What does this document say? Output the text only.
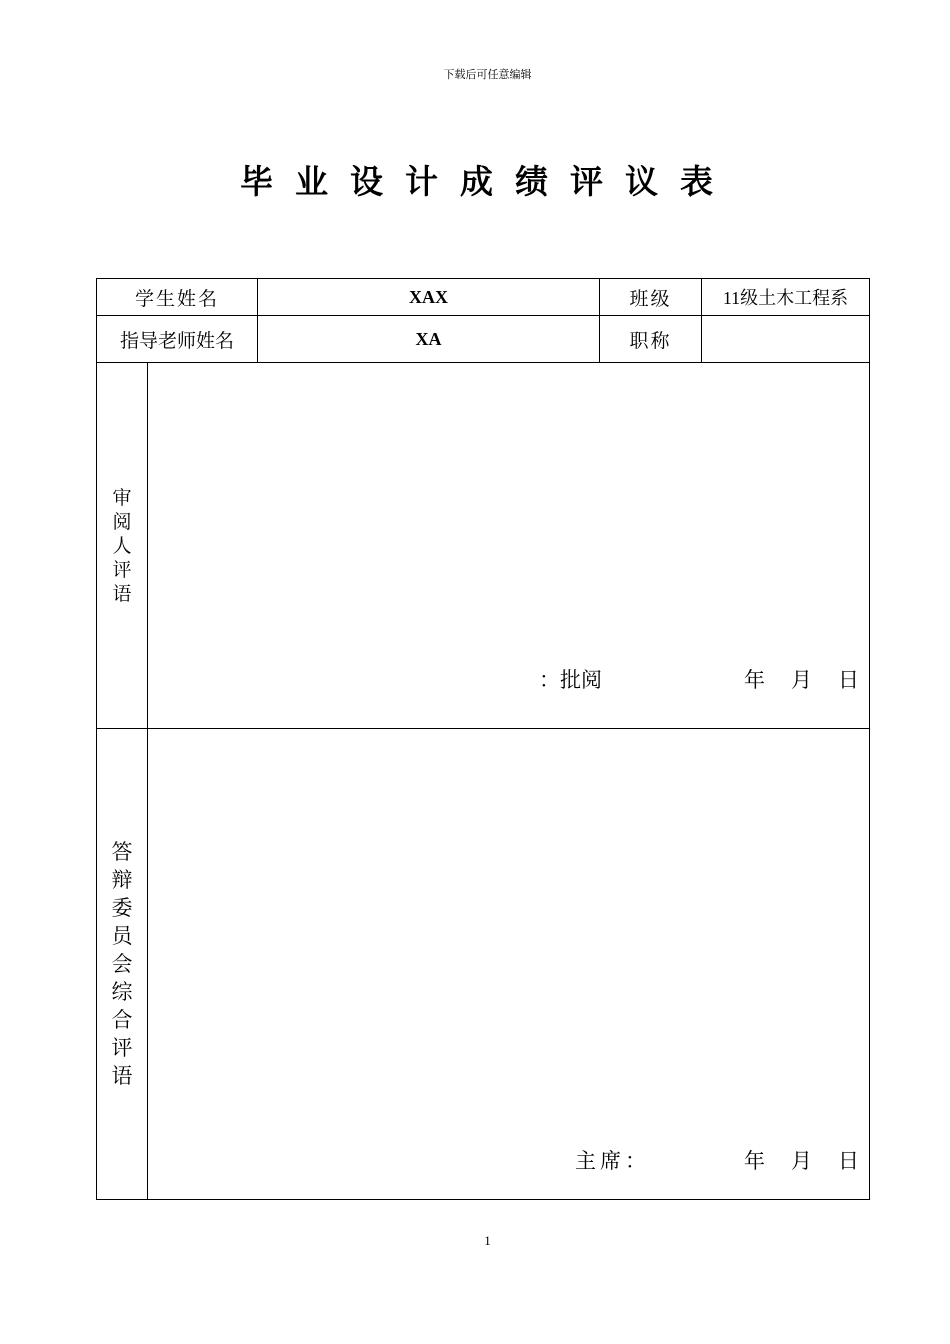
下载后可任意编辑
毕业设计成绩评议表
学生姓名		XAX	班级	11级土木工程系
指导老师姓名		XA	职称	
审阅人评语	：批阅 年 月 日			

答辩委员会综合评语	主席： 年 月 日			
1
